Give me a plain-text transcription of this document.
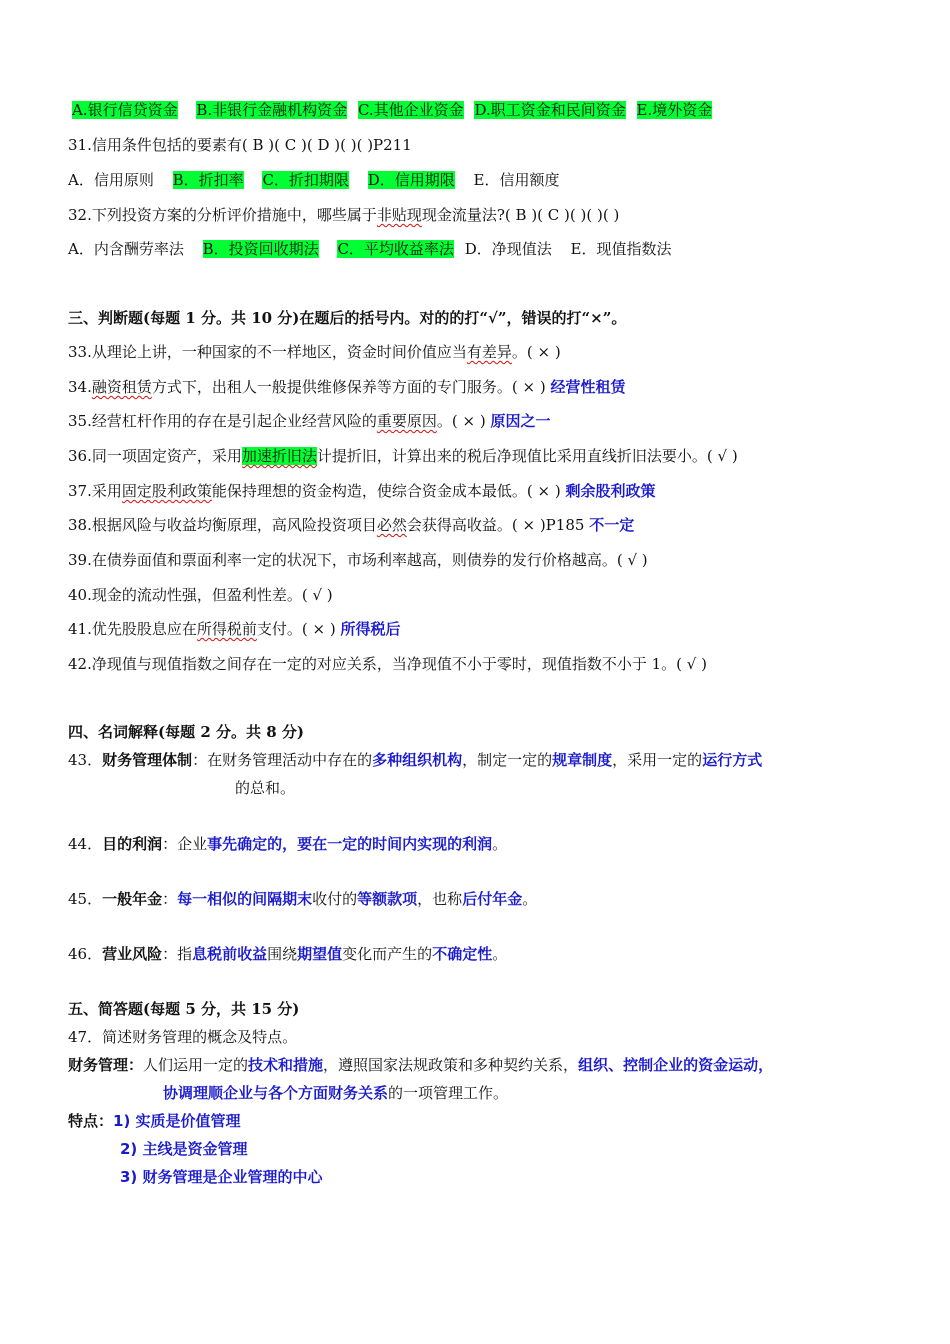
A.银行信贷资金 B.非银行金融机构资金 C.其他企业资金 D.职工资金和民间资金 E.境外资金
31.信用条件包括的要素有( B )( C )( D )( )( )P211
A．信用原则 B．折扣率 C．折扣期限 D．信用期限 E．信用额度
32.下列投资方案的分析评价措施中，哪些属于非贴现现金流量法?( B )( C )( )( )( )
A．内含酬劳率法 B．投资回收期法 C．平均收益率法 D．净现值法 E．现值指数法
三、判断题(每题 1 分。共 10 分)在题后的括号内。对的的打“√”，错误的打“×”。
33.从理论上讲，一种国家的不一样地区，资金时间价值应当有差异。( × )
34.融资租赁方式下，出租人一般提供维修保养等方面的专门服务。( × ) 经营性租赁
35.经营杠杆作用的存在是引起企业经营风险的重要原因。( × ) 原因之一
36.同一项固定资产，采用加速折旧法计提折旧，计算出来的税后净现值比采用直线折旧法要小。( √ )
37.采用固定股利政策能保持理想的资金构造，使综合资金成本最低。( × ) 剩余股利政策
38.根据风险与收益均衡原理，高风险投资项目必然会获得高收益。( × )P185 不一定
39.在债券面值和票面利率一定的状况下，市场利率越高，则债券的发行价格越高。( √ )
40.现金的流动性强，但盈利性差。( √ )
41.优先股股息应在所得税前支付。( × ) 所得税后
42.净现值与现值指数之间存在一定的对应关系，当净现值不小于零时，现值指数不小于 1。( √ )
四、名词解释(每题 2 分。共 8 分)
43．财务管理体制：在财务管理活动中存在的多种组织机构，制定一定的规章制度，采用一定的运行方式
的总和。
44．目的利润：企业事先确定的，要在一定的时间内实现的利润。
45．一般年金：每一相似的间隔期末收付的等额款项，也称后付年金。
46．营业风险：指息税前收益围绕期望值变化而产生的不确定性。
五、简答题(每题 5 分，共 15 分)
47．简述财务管理的概念及特点。
财务管理：人们运用一定的技术和措施，遵照国家法规政策和多种契约关系，组织、控制企业的资金运动，
协调理顺企业与各个方面财务关系的一项管理工作。
特点：1) 实质是价值管理
2) 主线是资金管理
3) 财务管理是企业管理的中心
